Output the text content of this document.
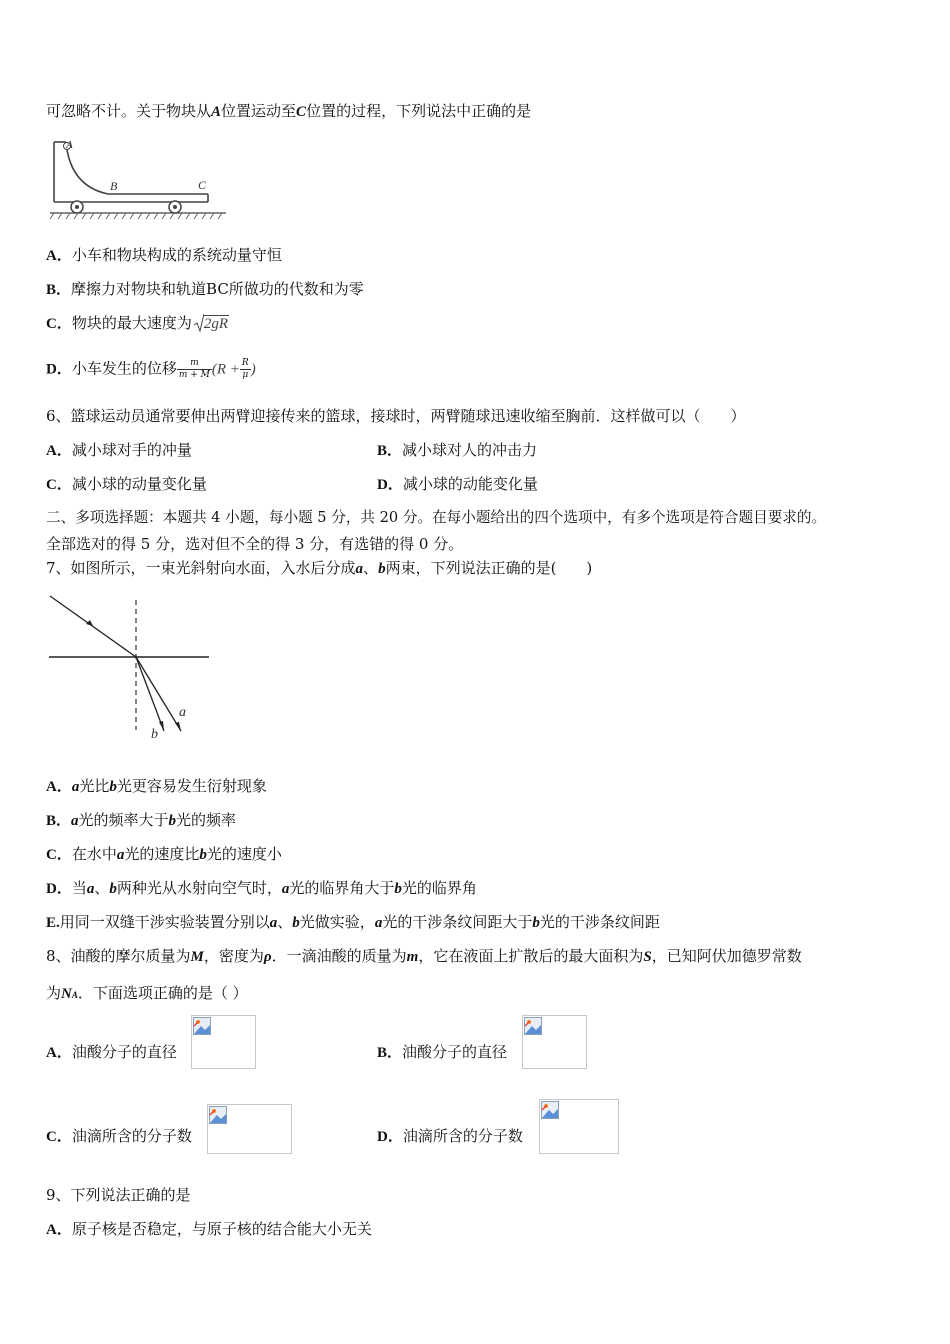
可忽略不计。关于物块从A位置运动至C位置的过程，下列说法中正确的是
A
B	C
A．小车和物块构成的系统动量守恒
B．摩擦力对物块和轨道BC所做功的代数和为零
C．物块的最大速度为 2gR
D．小车发生的位移 $\frac{m}{m + M} (R + \frac{R}{\mu}$ )
6、篮球运动员通常要伸出两臂迎接传来的篮球，接球时，两臂随球迅速收缩至胸前．这样做可以（　　）
A．减小球对手的冲量	B．减小球对人的冲击力
C．减小球的动量变化量	D．减小球的动能变化量
二、多项选择题：本题共 4 小题，每小题 5 分，共 20 分。在每小题给出的四个选项中，有多个选项是符合题目要求的。
全部选对的得 5 分，选对但不全的得 3 分，有选错的得 0 分。
7、如图所示，一束光斜射向水面，入水后分成a、b两束，下列说法正确的是(　　)
a
b
A．a光比b光更容易发生衍射现象
B．a光的频率大于b光的频率
C．在水中a光的速度比b光的速度小
D．当a、b两种光从水射向空气时，a光的临界角大于b光的临界角
E.用同一双缝干涉实验装置分别以a、b光做实验，a光的干涉条纹间距大于b光的干涉条纹间距
8、油酸的摩尔质量为M，密度为ρ．一滴油酸的质量为m，它在液面上扩散后的最大面积为S，已知阿伏加德罗常数
为NA．下面选项正确的是（ ）
A．油酸分子的直径	B．油酸分子的直径
C．油滴所含的分子数	D．油滴所含的分子数
9、下列说法正确的是
A．原子核是否稳定，与原子核的结合能大小无关
